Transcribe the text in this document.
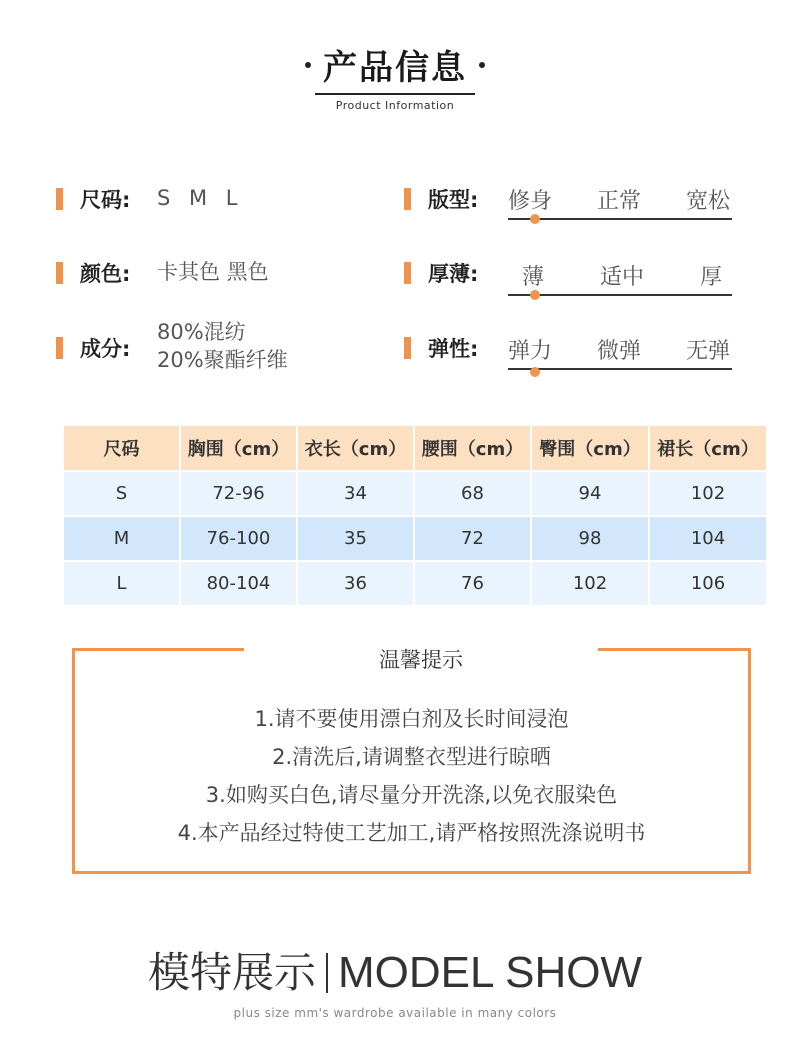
产品信息
Product Information
尺码: S M L
颜色: 卡其色 黑色
成分:
80%混纺
20%聚酯纤维
版型: 修身 正常 宽松
厚薄: 薄	适中	厚
弹性: 弹力 微弹 无弹
尺码	胸围（cm）	衣长（cm）	腰围（cm）	臀围（cm）	裙长（cm）
S	72-96	34	68	94	102
M	76-100	35	72	98	104
L	80-104	36	76	102	106
温馨提示
1.请不要使用漂白剂及长时间浸泡
2.清洗后,请调整衣型进行晾晒
3.如购买白色,请尽量分开洗涤,以免衣服染色
4.本产品经过特使工艺加工,请严格按照洗涤说明书
模特展示 MODEL SHOW
plus size mm's wardrobe available in many colors
